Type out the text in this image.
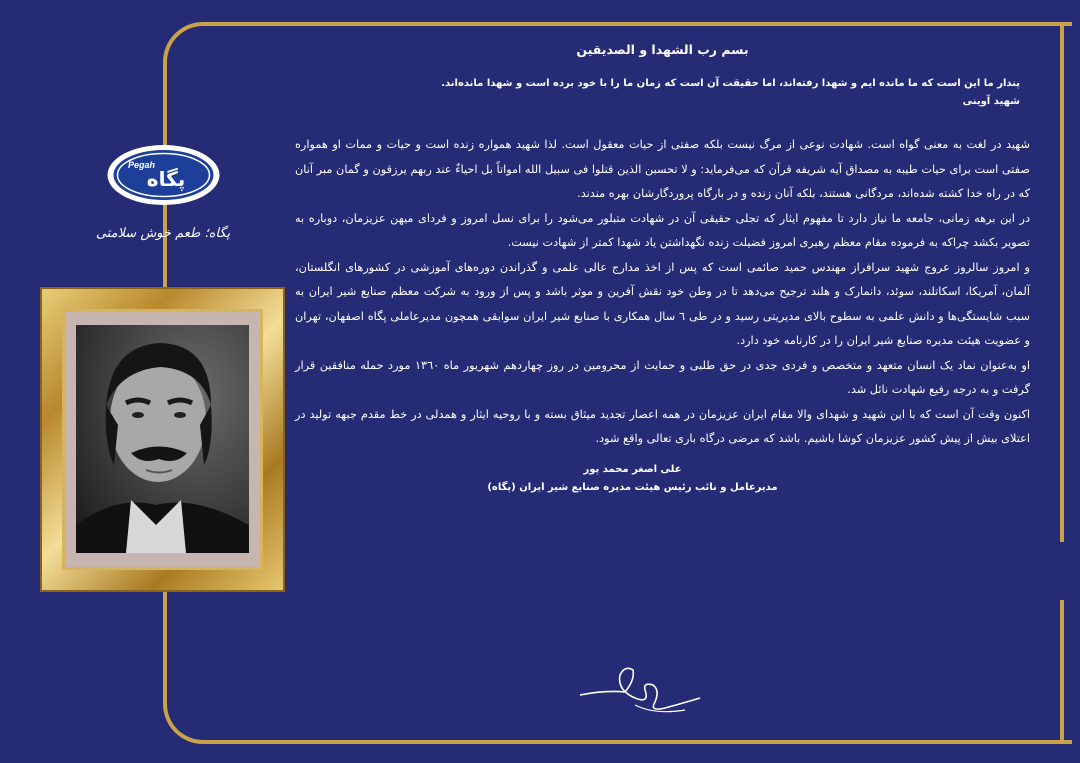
Pegah
پگاه
پگاه؛ طعم خوش سلامتی
بسم رب الشهدا و الصدیقین
پندار ما این است که ما مانده ایم و شهدا رفته‌اند، اما حقیقت آن است که زمان ما را با خود برده است و شهدا مانده‌اند.
شهید آوینی

شهید در لغت به معنی گواه است. شهادت نوعی از مرگ نیست بلکه صفتی از حیات معقول است. لذا شهید همواره زنده است و حیات و ممات او همواره صفتی است برای حیات طیبه به مصداق آیه شریفه قرآن که می‌فرماید: و لا تحسبن الذین قتلوا فی سبیل الله امواتاً بل احیاءٌ عند ربهم یرزقون و گمان مبر آنان که در راه خدا کشته شده‌اند، مردگانی هستند، بلکه آنان زنده و در بارگاه پروردگارشان بهره مندند.

در این برهه زمانی، جامعه ما نیاز دارد تا مفهوم ایثار که تجلی حقیقی آن در شهادت متبلور می‌شود را برای نسل امروز و فردای میهن عزیزمان، دوباره به تصویر بکشد چراکه به فرموده مقام معظم رهبری امروز فضیلت زنده نگهداشتن یاد شهدا کمتر از شهادت نیست.

و امروز سالروز عروج شهید سرافراز مهندس حمید صائمی است که پس از اخذ مدارج عالی علمی و گذراندن دوره‌های آموزشی در کشورهای انگلستان، آلمان، آمریکا، اسکاتلند، سوئد، دانمارک و هلند ترجیح می‌دهد تا در وطن خود نقش آفرین و موثر باشد و پس از ورود به شرکت معظم صنایع شیر ایران به سبب شایستگی‌ها و دانش علمی به سطوح بالای مدیریتی رسید و در طی ٦ سال همکاری با صنایع شیر ایران سوابقی همچون مدیرعاملی پگاه اصفهان، تهران و عضویت هیئت مدیره صنایع شیر ایران را در کارنامه خود دارد.

او به‌عنوان نماد یک انسان متعهد و متخصص و فردی جدی در حق طلبی و حمایت از محرومین در روز چهاردهم شهریور ماه ١٣٦٠ مورد حمله منافقین قرار گرفت و به درجه رفیع شهادت نائل شد.

اکنون وقت آن است که با این شهید و شهدای والا مقام ایران عزیزمان در همه اعصار تجدید میثاق بسته و با روحیه ایثار و همدلی در خط مقدم جبهه تولید در اعتلای بیش از پیش کشور عزیزمان کوشا باشیم. باشد که مرضی درگاه باری تعالی واقع شود.

علی اصغر محمد پور
مدیرعامل و نائب رئیس هیئت مدیره صنایع شیر ایران (پگاه)
